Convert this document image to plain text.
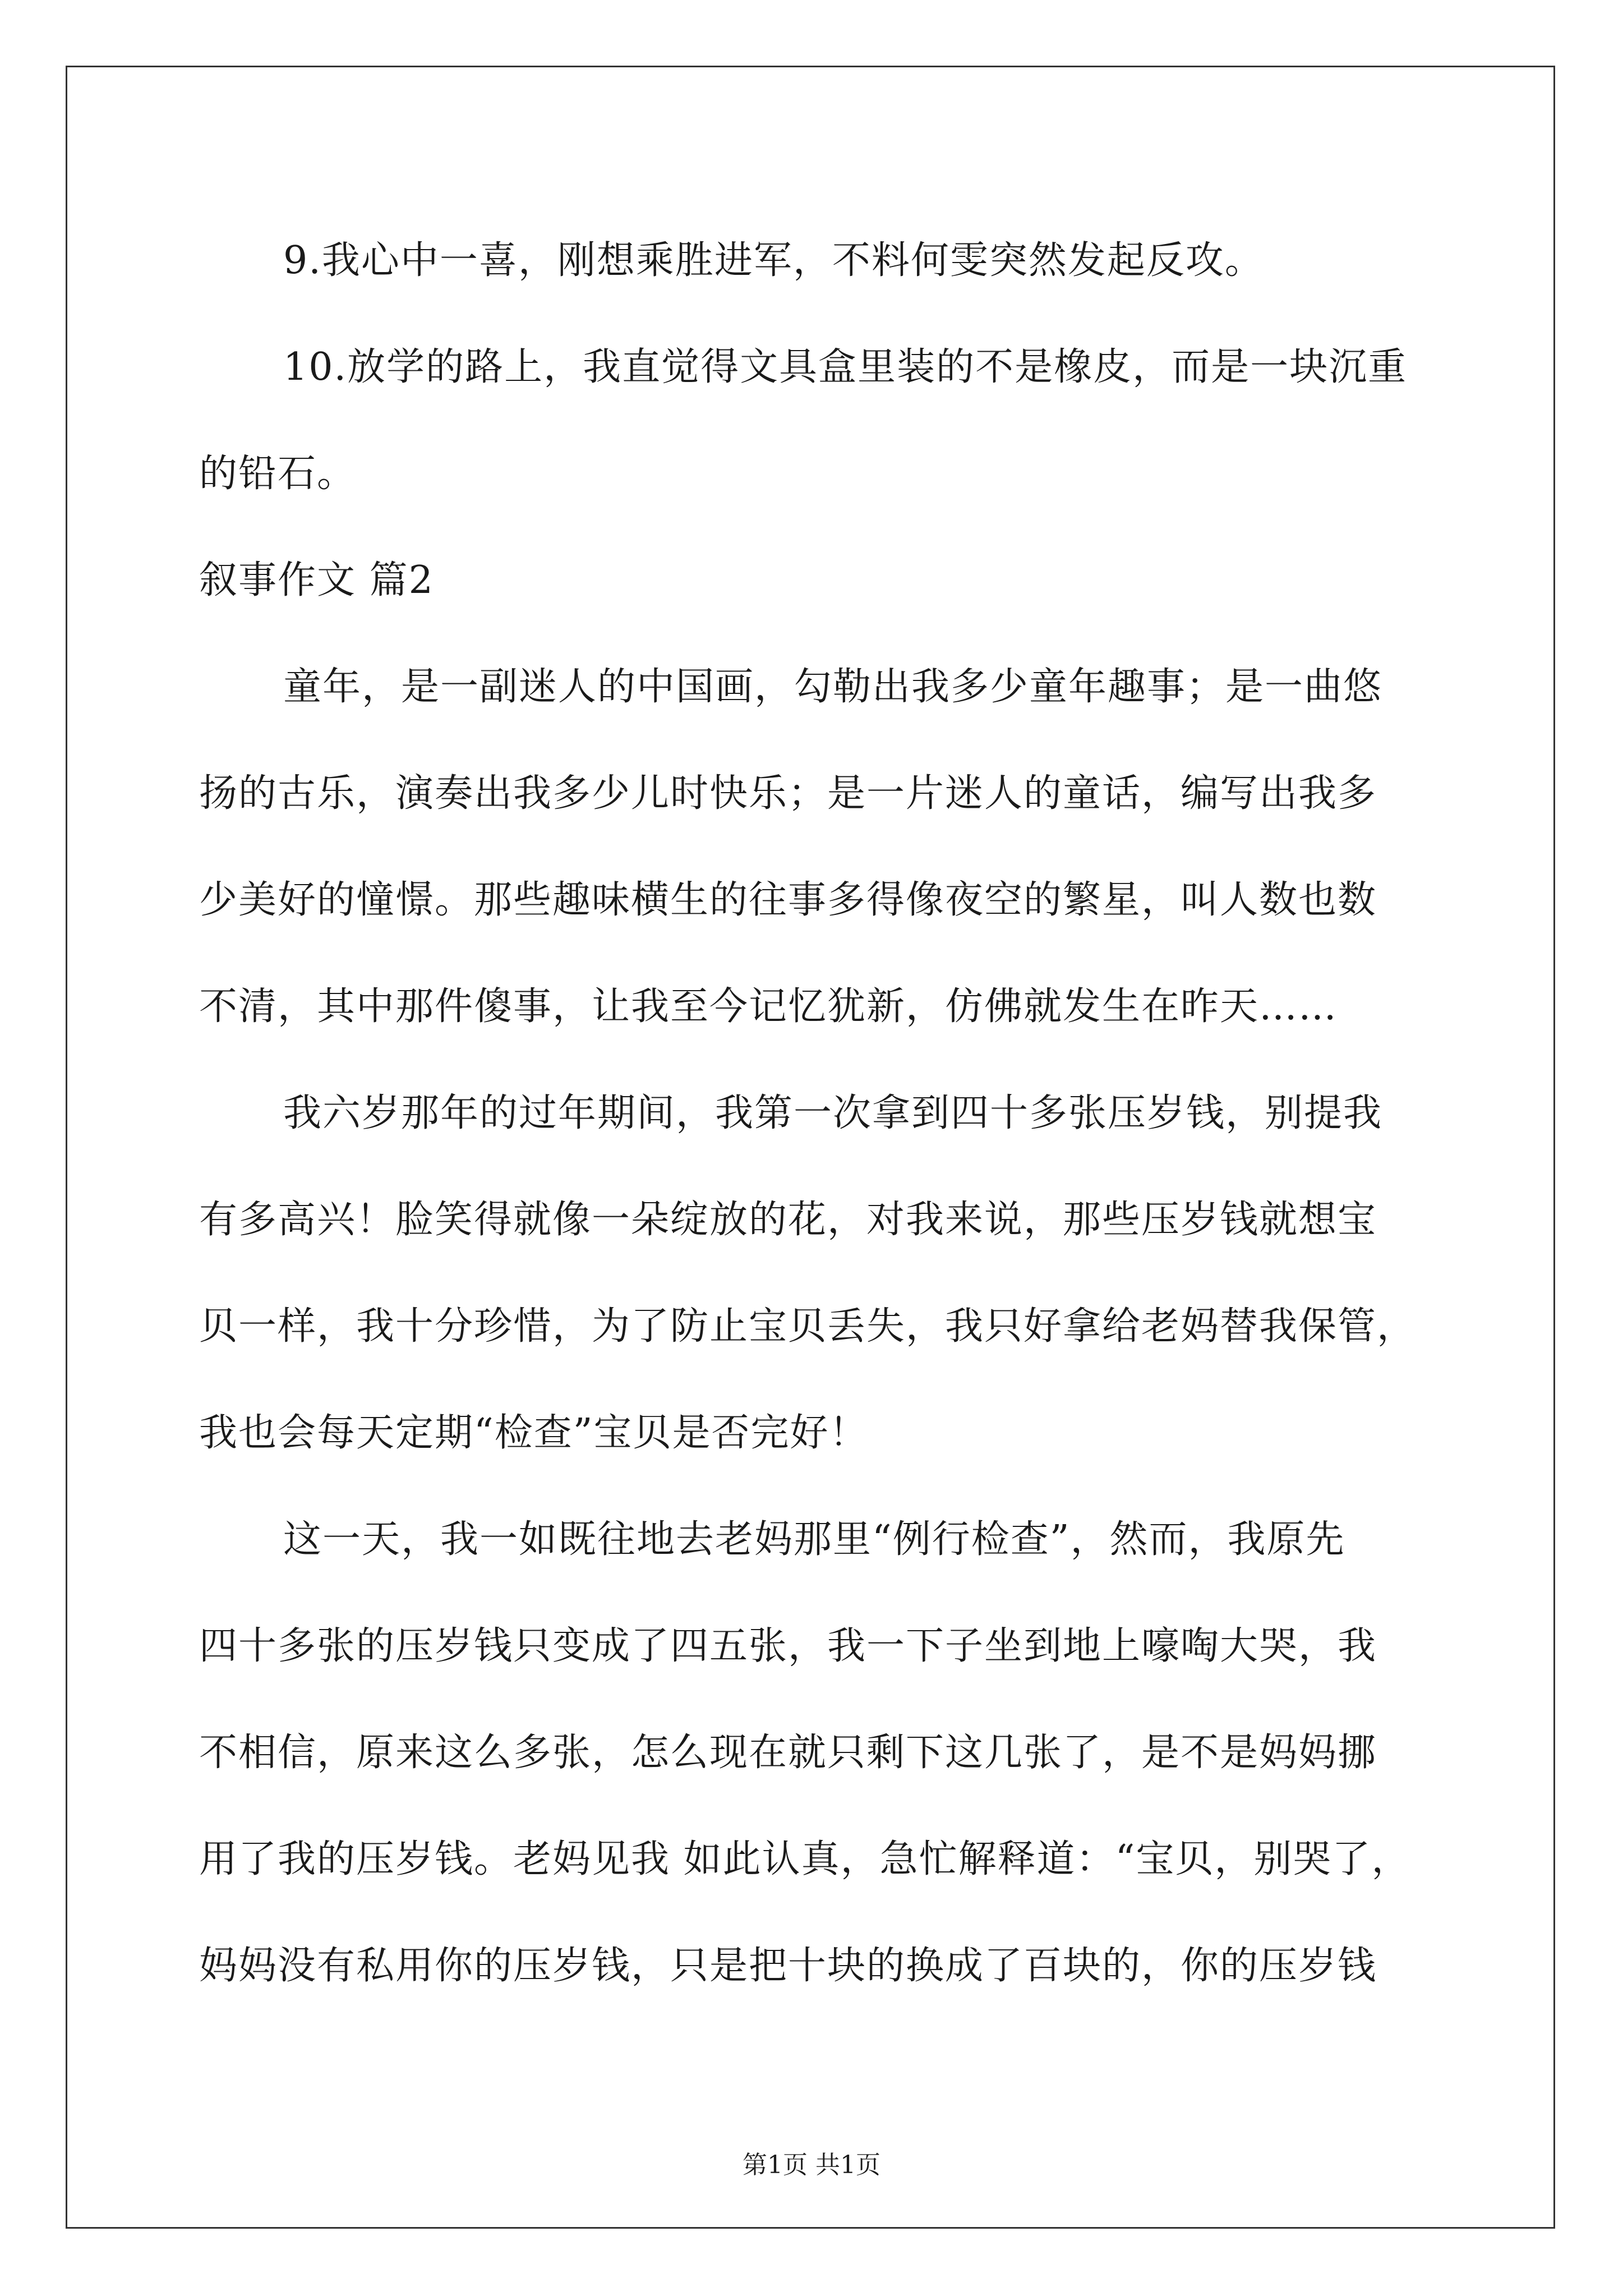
9.我心中一喜，刚想乘胜进军，不料何雯突然发起反攻。
10.放学的路上，我直觉得文具盒里装的不是橡皮，而是一块沉重
的铅石。
叙事作文 篇2
童年，是一副迷人的中国画，勾勒出我多少童年趣事；是一曲悠
扬的古乐，演奏出我多少儿时快乐；是一片迷人的童话，编写出我多
少美好的憧憬。那些趣味横生的往事多得像夜空的繁星，叫人数也数
不清，其中那件傻事，让我至今记忆犹新，仿佛就发生在昨天……
我六岁那年的过年期间，我第一次拿到四十多张压岁钱，别提我
有多高兴！脸笑得就像一朵绽放的花，对我来说，那些压岁钱就想宝
贝一样，我十分珍惜，为了防止宝贝丢失，我只好拿给老妈替我保管，
我也会每天定期“检查”宝贝是否完好！
这一天，我一如既往地去老妈那里“例行检查”，然而，我原先
四十多张的压岁钱只变成了四五张，我一下子坐到地上嚎啕大哭，我
不相信，原来这么多张，怎么现在就只剩下这几张了，是不是妈妈挪
用了我的压岁钱。老妈见我 如此认真，急忙解释道：“宝贝，别哭了，
妈妈没有私用你的压岁钱，只是把十块的换成了百块的，你的压岁钱
第1页 共1页
